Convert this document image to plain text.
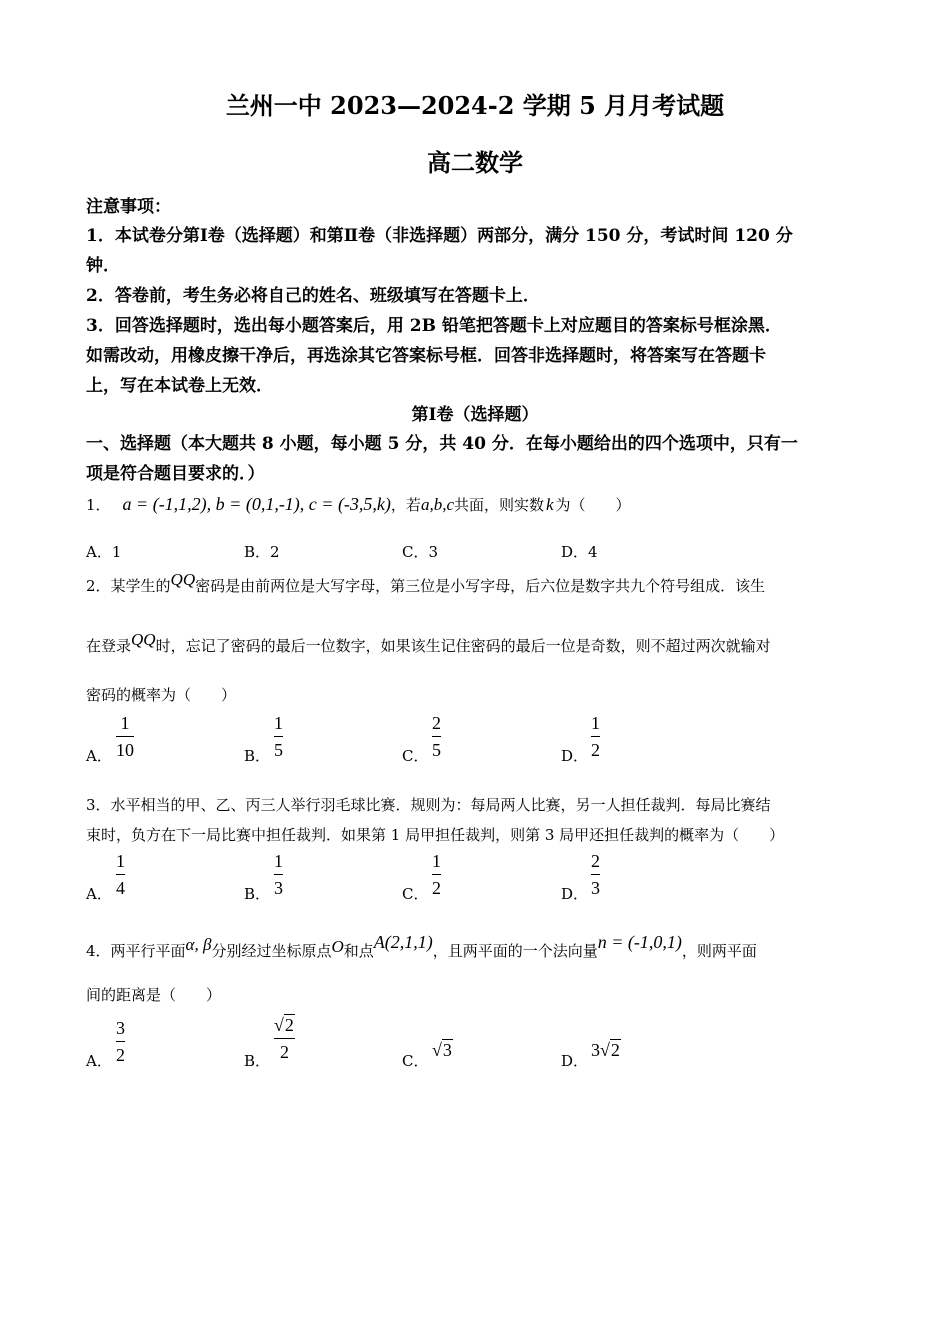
兰州一中 2023—2024-2 学期 5 月月考试题
高二数学
注意事项：
1．本试卷分第Ⅰ卷（选择题）和第Ⅱ卷（非选择题）两部分，满分 150 分，考试时间 120 分
钟．
2．答卷前，考生务必将自己的姓名、班级填写在答题卡上．
3．回答选择题时，选出每小题答案后，用 2B 铅笔把答题卡上对应题目的答案标号框涂黑．
如需改动，用橡皮擦干净后，再选涂其它答案标号框．回答非选择题时，将答案写在答题卡
上，写在本试卷上无效．
第Ⅰ卷（选择题）
一、选择题（本大题共 8 小题，每小题 5 分，共 40 分．在每小题给出的四个选项中，只有一
项是符合题目要求的．）
1． a = (-1,1,2), b = (0,1,-1), c = (-3,5,k) ，若 a,b,c 共面，则实数 k 为（　　）
A．1	B．2	C．3	D．4
2．某学生的QQ密码是由前两位是大写字母，第三位是小写字母，后六位是数字共九个符号组成．该生
在登录QQ时，忘记了密码的最后一位数字，如果该生记住密码的最后一位是奇数，则不超过两次就输对
密码的概率为（　　）
A．
1
10	B．
1
5	C．
2
5	D．
1
2
3．水平相当的甲、乙、丙三人举行羽毛球比赛．规则为：每局两人比赛，另一人担任裁判．每局比赛结
束时，负方在下一局比赛中担任裁判．如果第 1 局甲担任裁判，则第 3 局甲还担任裁判的概率为（　　）
A．
1
4	B．
1
3	C．
1
2	D．
2
3
4．两平行平面α, β分别经过坐标原点O和点A(2,1,1)，且两平面的一个法向量n = (-1,0,1)，则两平面
间的距离是（　　）
A．
3
2	B．
√2
2	C．
√3
D．
3√2
